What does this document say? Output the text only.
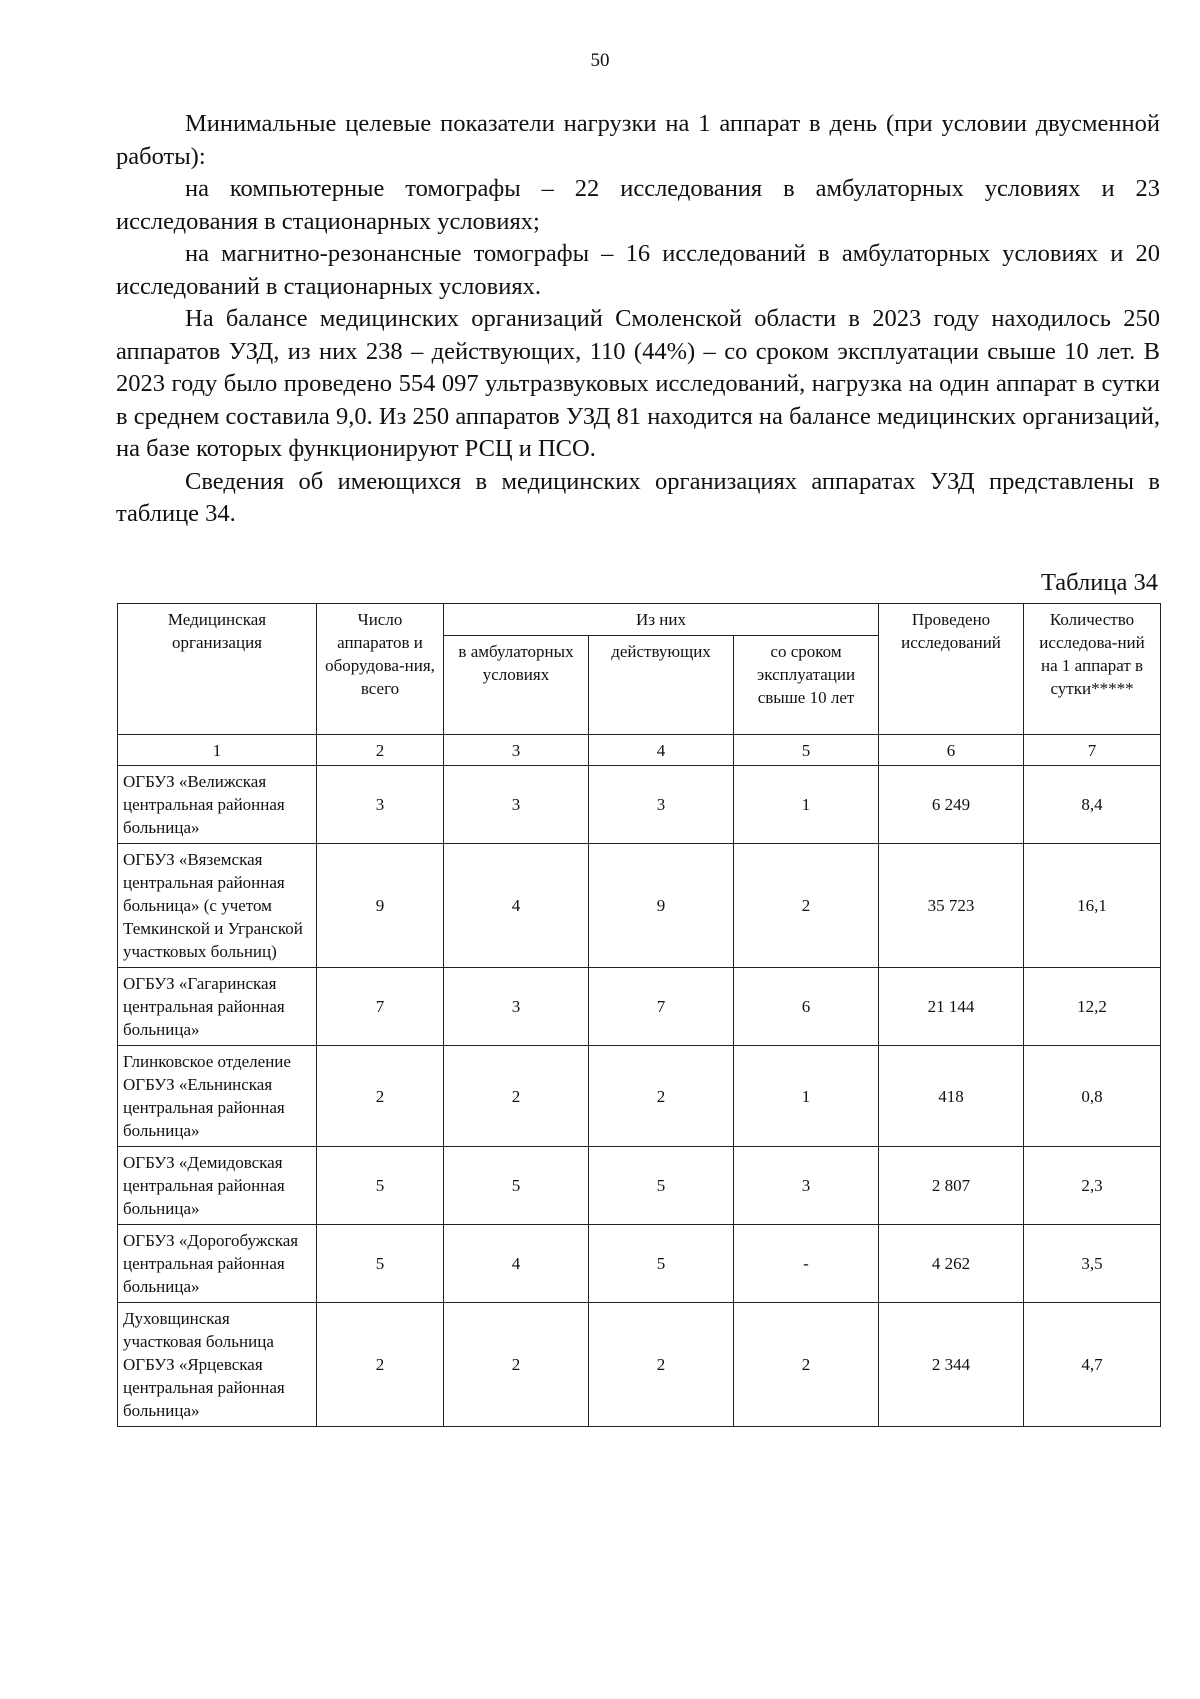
50

Минимальные целевые показатели нагрузки на 1 аппарат в день (при условии двусменной работы):

на компьютерные томографы – 22 исследования в амбулаторных условиях и 23 исследования в стационарных условиях;

на магнитно-резонансные томографы – 16 исследований в амбулаторных условиях и 20 исследований в стационарных условиях.

На балансе медицинских организаций Смоленской области в 2023 году находилось 250 аппаратов УЗД, из них 238 – действующих, 110 (44%) – со сроком эксплуатации свыше 10 лет. В 2023 году было проведено 554 097 ультразвуковых исследований, нагрузка на один аппарат в сутки в среднем составила 9,0. Из 250 аппаратов УЗД 81 находится на балансе медицинских организаций, на базе которых функционируют РСЦ и ПСО.

Сведения об имеющихся в медицинских организациях аппаратах УЗД представлены в таблице 34.

Таблица 34
Медицинская организация	Число аппаратов и оборудова-ния, всего	Из них			Проведено исследований	Количество исследова-ний на 1 аппарат в сутки*****
		в амбулаторных условиях	действующих	со сроком эксплуатации свыше 10 лет		
1	2	3	4	5	6	7
ОГБУЗ «Велижская центральная районная больница»	3	3	3	1	6 249	8,4
ОГБУЗ «Вяземская центральная районная больница» (с учетом Темкинской и Угранской участковых больниц)	9	4	9	2	35 723	16,1
ОГБУЗ «Гагаринская центральная районная больница»	7	3	7	6	21 144	12,2
Глинковское отделение ОГБУЗ «Ельнинская центральная районная больница»	2	2	2	1	418	0,8
ОГБУЗ «Демидовская центральная районная больница»	5	5	5	3	2 807	2,3
ОГБУЗ «Дорогобужская центральная районная больница»	5	4	5	-	4 262	3,5
Духовщинская участковая больница ОГБУЗ «Ярцевская центральная районная больница»	2	2	2	2	2 344	4,7
